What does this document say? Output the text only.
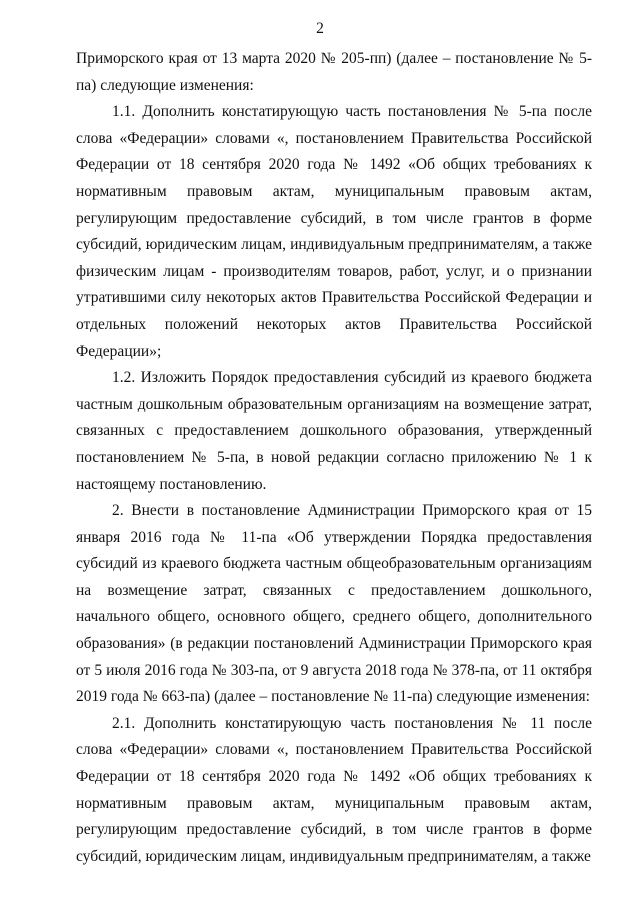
2

Приморского края от 13 марта 2020 № 205-пп) (далее – постановление № 5-па) следующие изменения:

1.1. Дополнить констатирующую часть постановления № 5-па после слова «Федерации» словами «, постановлением Правительства Российской Федерации от 18 сентября 2020 года № 1492 «Об общих требованиях к нормативным правовым актам, муниципальным правовым актам, регулирующим предоставление субсидий, в том числе грантов в форме субсидий, юридическим лицам, индивидуальным предпринимателям, а также физическим лицам - производителям товаров, работ, услуг, и о признании утратившими силу некоторых актов Правительства Российской Федерации и отдельных положений некоторых актов Правительства Российской Федерации»;

1.2. Изложить Порядок предоставления субсидий из краевого бюджета частным дошкольным образовательным организациям на возмещение затрат, связанных с предоставлением дошкольного образования, утвержденный постановлением № 5-па, в новой редакции согласно приложению № 1 к настоящему постановлению.

2. Внести в постановление Администрации Приморского края от 15 января 2016 года № 11-па «Об утверждении Порядка предоставления субсидий из краевого бюджета частным общеобразовательным организациям на возмещение затрат, связанных с предоставлением дошкольного, начального общего, основного общего, среднего общего, дополнительного образования» (в редакции постановлений Администрации Приморского края от 5 июля 2016 года № 303-па, от 9 августа 2018 года № 378-па, от 11 октября 2019 года № 663-па) (далее – постановление № 11-па) следующие изменения:

2.1. Дополнить констатирующую часть постановления № 11 после слова «Федерации» словами «, постановлением Правительства Российской Федерации от 18 сентября 2020 года № 1492 «Об общих требованиях к нормативным правовым актам, муниципальным правовым актам, регулирующим предоставление субсидий, в том числе грантов в форме субсидий, юридическим лицам, индивидуальным предпринимателям, а также
